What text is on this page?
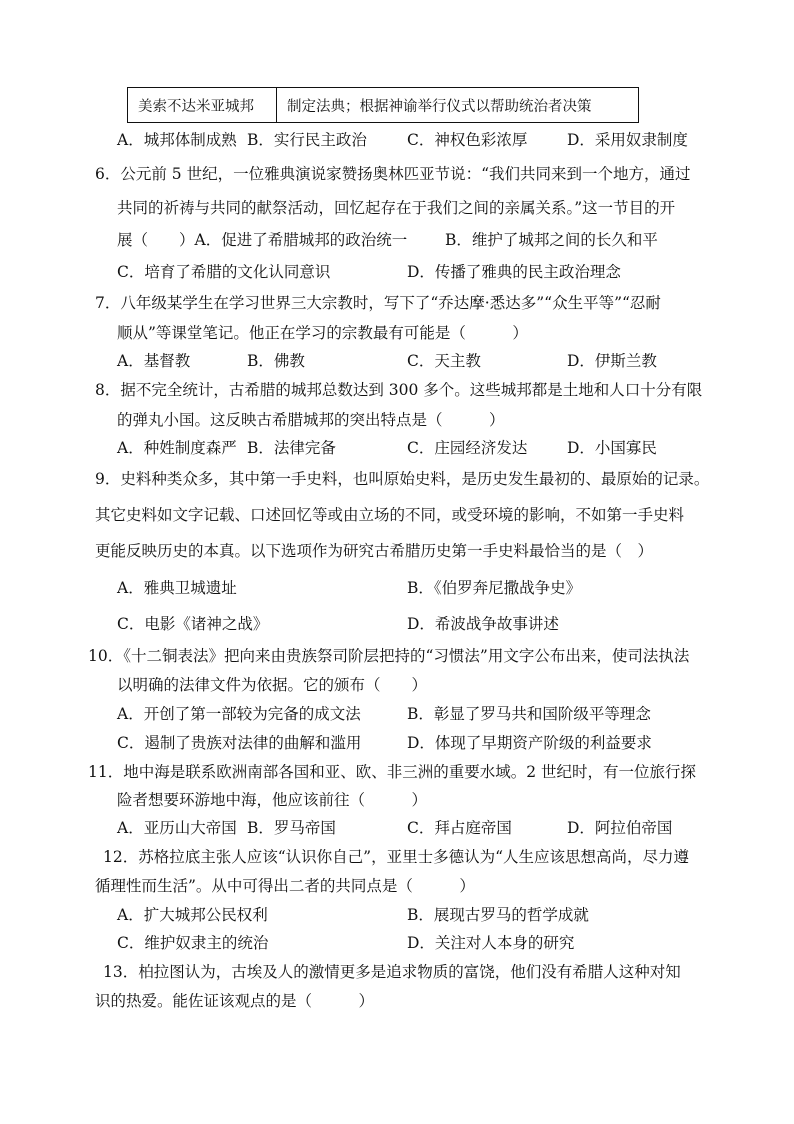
美索不达米亚城邦	制定法典；根据神谕举行仪式以帮助统治者决策
A．城邦体制成熟 B．实行民主政治	C．神权色彩浓厚	D．采用奴隶制度
6．公元前 5 世纪，一位雅典演说家赞扬奥林匹亚节说：“我们共同来到一个地方，通过
共同的祈祷与共同的献祭活动，回忆起存在于我们之间的亲属关系。”这一节目的开
展（　　）A．促进了希腊城邦的政治统一 B．维护了城邦之间的长久和平
C．培育了希腊的文化认同意识	D．传播了雅典的民主政治理念
7．八年级某学生在学习世界三大宗教时，写下了“乔达摩·悉达多”“众生平等”“忍耐
顺从”等课堂笔记。他正在学习的宗教最有可能是（　　　）
A．基督教	B．佛教	C．天主教	D．伊斯兰教
8．据不完全统计，古希腊的城邦总数达到 300 多个。这些城邦都是土地和人口十分有限
的弹丸小国。这反映古希腊城邦的突出特点是（　　　）
A．种姓制度森严 B．法律完备	C．庄园经济发达	D．小国寡民
9．史料种类众多，其中第一手史料，也叫原始史料，是历史发生最初的、最原始的记录。
其它史料如文字记载、口述回忆等或由立场的不同，或受环境的影响，不如第一手史料
更能反映历史的本真。以下选项作为研究古希腊历史第一手史料最恰当的是（　）
A．雅典卫城遗址	B．《伯罗奔尼撒战争史》
C．电影《诸神之战》	D．希波战争故事讲述
10．《十二铜表法》把向来由贵族祭司阶层把持的“习惯法”用文字公布出来，使司法执法
以明确的法律文件为依据。它的颁布（　　）
A．开创了第一部较为完备的成文法	B．彰显了罗马共和国阶级平等理念
C．遏制了贵族对法律的曲解和滥用	D．体现了早期资产阶级的利益要求
11．地中海是联系欧洲南部各国和亚、欧、非三洲的重要水域。2 世纪时，有一位旅行探
险者想要环游地中海，他应该前往（　　　）
A．亚历山大帝国 B．罗马帝国	C．拜占庭帝国	D．阿拉伯帝国
12．苏格拉底主张人应该“认识你自己”，亚里士多德认为“人生应该思想高尚，尽力遵
循理性而生活”。从中可得出二者的共同点是（　　　）
A．扩大城邦公民权利	B．展现古罗马的哲学成就
C．维护奴隶主的统治	D．关注对人本身的研究
13．柏拉图认为，古埃及人的激情更多是追求物质的富饶，他们没有希腊人这种对知
识的热爱。能佐证该观点的是（　　　）
